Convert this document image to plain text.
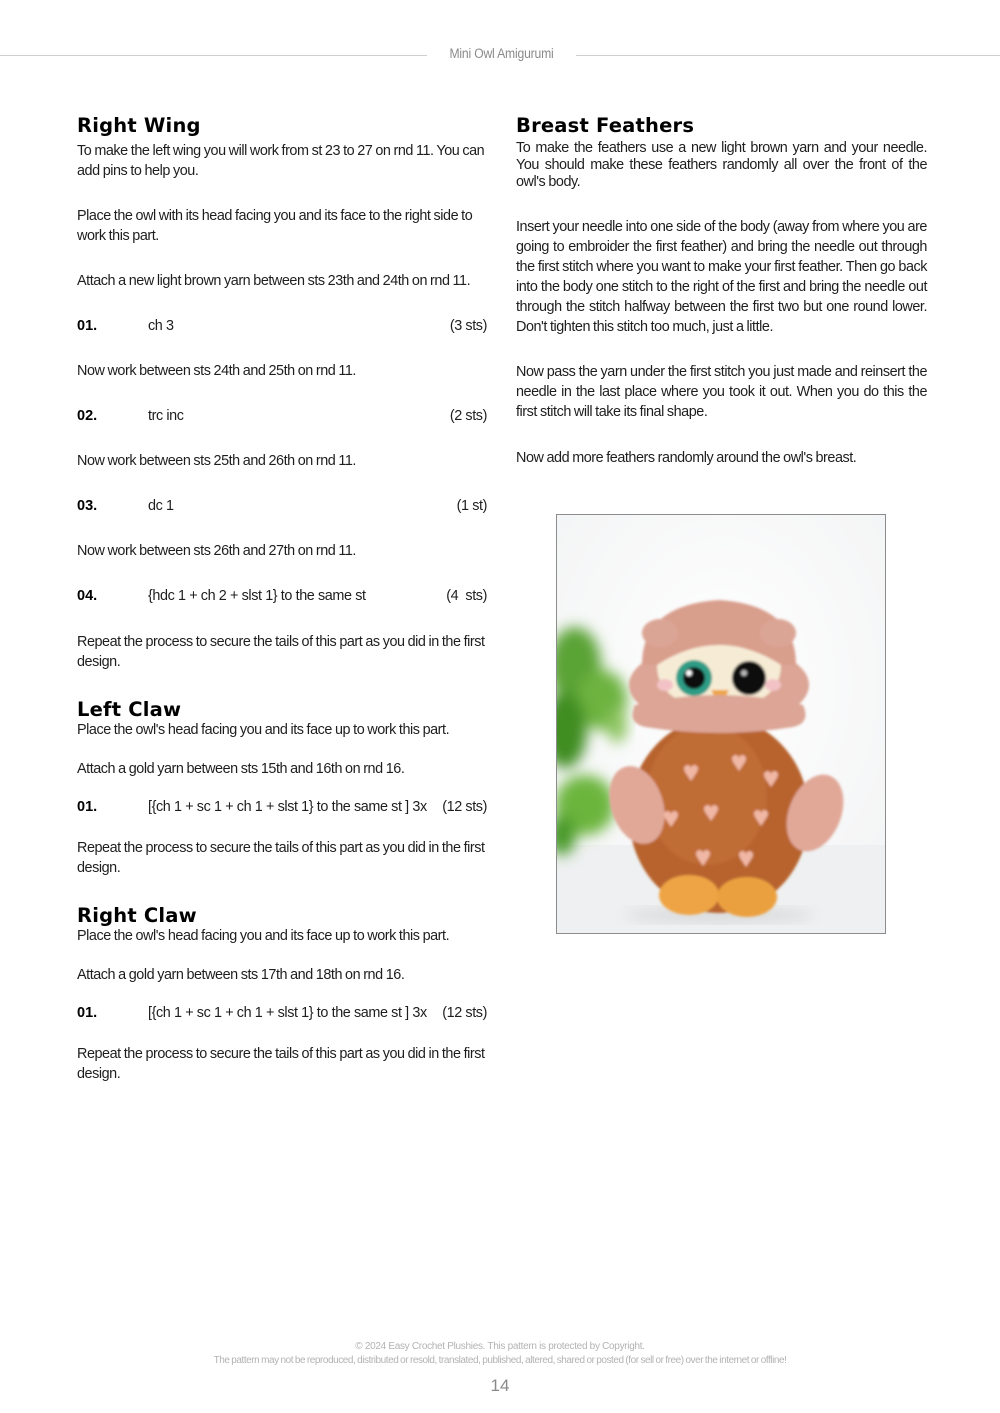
Mini Owl Amigurumi
Right Wing

To make the left wing you will work from st 23 to 27 on rnd 11. You can add pins to help you.

Place the owl with its head facing you and its face to the right side to work this part.

Attach a new light brown yarn between sts 23th and 24th on rnd 11.

01.	ch 3	(3 sts)

Now work between sts 24th and 25th on rnd 11.

02.	trc inc	(2 sts)

Now work between sts 25th and 26th on rnd 11.

03.	dc 1	(1 st)

Now work between sts 26th and 27th on rnd 11.

04.	{hdc 1 + ch 2 + slst 1} to the same st	(4  sts)

Repeat the process to secure the tails of this part as you did in the first design.

Left Claw

Place the owl's head facing you and its face up to work this part.

Attach a gold yarn between sts 15th and 16th on rnd 16.

01.	[{ch 1 + sc 1 + ch 1 + slst 1} to the same st ] 3x	(12 sts)

Repeat the process to secure the tails of this part as you did in the first design.

Right Claw

Place the owl's head facing you and its face up to work this part.

Attach a gold yarn between sts 17th and 18th on rnd 16.

01.	[{ch 1 + sc 1 + ch 1 + slst 1} to the same st ] 3x	(12 sts)

Repeat the process to secure the tails of this part as you did in the first design.

Breast Feathers

To make the feathers use a new light brown yarn and your needle. You should make these feathers randomly all over the front of the owl's body.

Insert your needle into one side of the body (away from where you are going to embroider the first feather) and bring the needle out through the first stitch where you want to make your first feather. Then go back into the body one stitch to the right of the first and bring the needle out through the stitch halfway between the first two but one round lower. Don't tighten this stitch too much, just a little.

Now pass the yarn under the first stitch you just made and reinsert the needle in the last place where you took it out. When you do this the first stitch will take its final shape.

Now add more feathers randomly around the owl's breast.

© 2024 Easy Crochet Plushies. This pattern is protected by Copyright.
The pattern may not be reproduced, distributed or resold, translated, published, altered, shared or posted (for sell or free) over the internet or offline!
14
